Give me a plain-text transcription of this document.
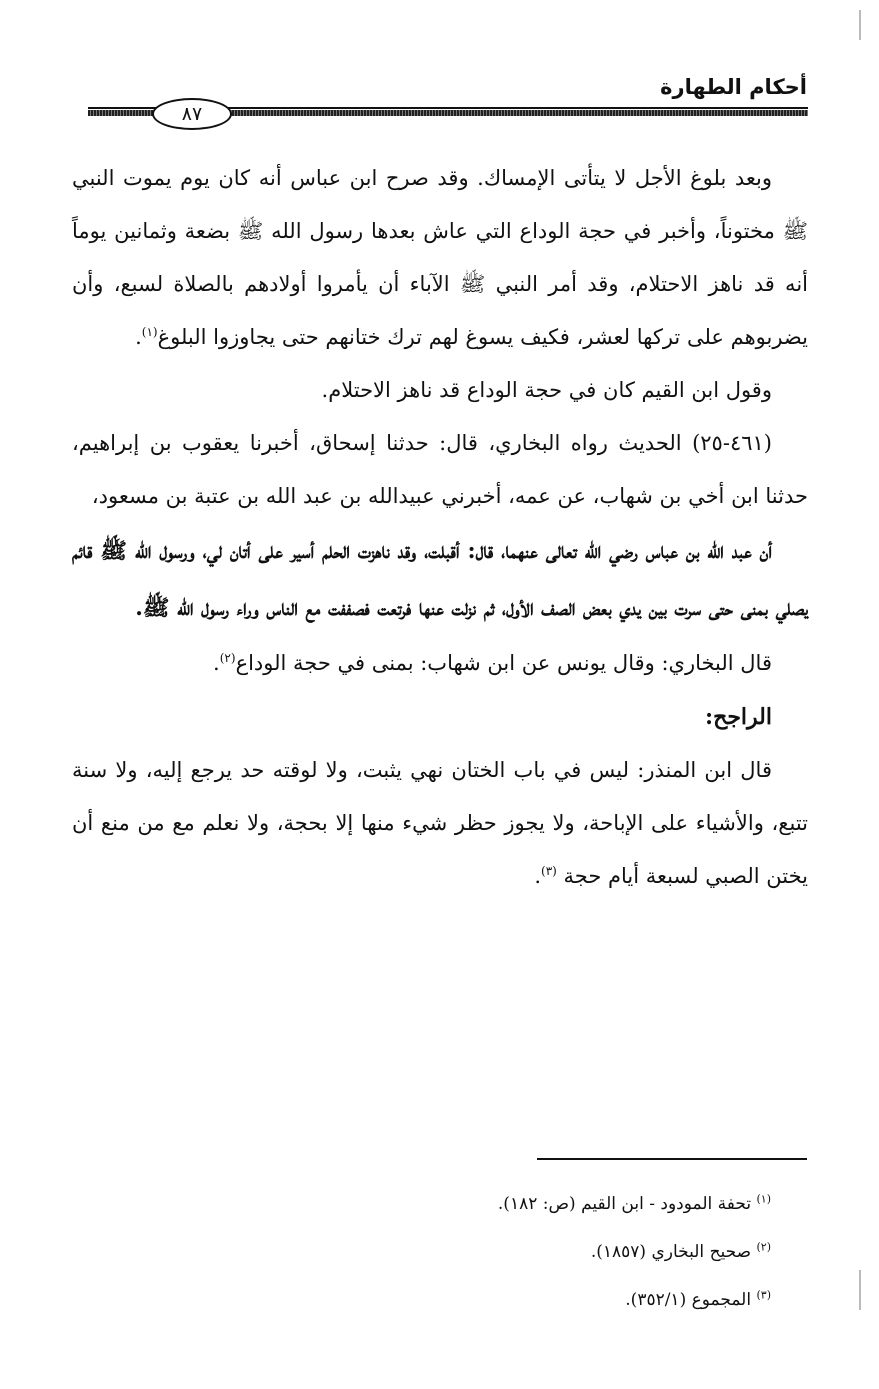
أحكام الطهارة
٨٧

وبعد بلوغ الأجل لا يتأتى الإمساك. وقد صرح ابن عباس أنه كان يوم يموت النبي ﷺ مختوناً، وأخبر في حجة الوداع التي عاش بعدها رسول الله ﷺ بضعة وثمانين يوماً أنه قد ناهز الاحتلام، وقد أمر النبي ﷺ الآباء أن يأمروا أولادهم بالصلاة لسبع، وأن يضربوهم على تركها لعشر، فكيف يسوغ لهم ترك ختانهم حتى يجاوزوا البلوغ$^{(١)}$.

وقول ابن القيم كان في حجة الوداع قد ناهز الاحتلام.

(٤٦١-٢٥) الحديث رواه البخاري، قال: حدثنا إسحاق، أخبرنا يعقوب بن إبراهيم، حدثنا ابن أخي بن شهاب، عن عمه، أخبرني عبيدالله بن عبد الله بن عتبة بن مسعود،

أن عبد الله بن عباس رضي الله تعالى عنهما، قال: أقبلت، وقد ناهزت الحلم أسير على أتان لي، ورسول الله ﷺ قائم يصلي بمنى حتى سرت بين يدي بعض الصف الأول، ثم نزلت عنها فرتعت فصففت مع الناس وراء رسول الله ﷺ.

قال البخاري: وقال يونس عن ابن شهاب: بمنى في حجة الوداع$^{(٢)}$.

الراجح:

قال ابن المنذر: ليس في باب الختان نهي يثبت، ولا لوقته حد يرجع إليه، ولا سنة تتبع، والأشياء على الإباحة، ولا يجوز حظر شيء منها إلا بحجة، ولا نعلم مع من منع أن يختن الصبي لسبعة أيام حجة $^{(٣)}$.

$^{(١)}$ تحفة المودود - ابن القيم (ص: ١٨٢).

$^{(٢)}$ صحيح البخاري (١٨٥٧).

$^{(٣)}$ المجموع (٣٥٢/١).
